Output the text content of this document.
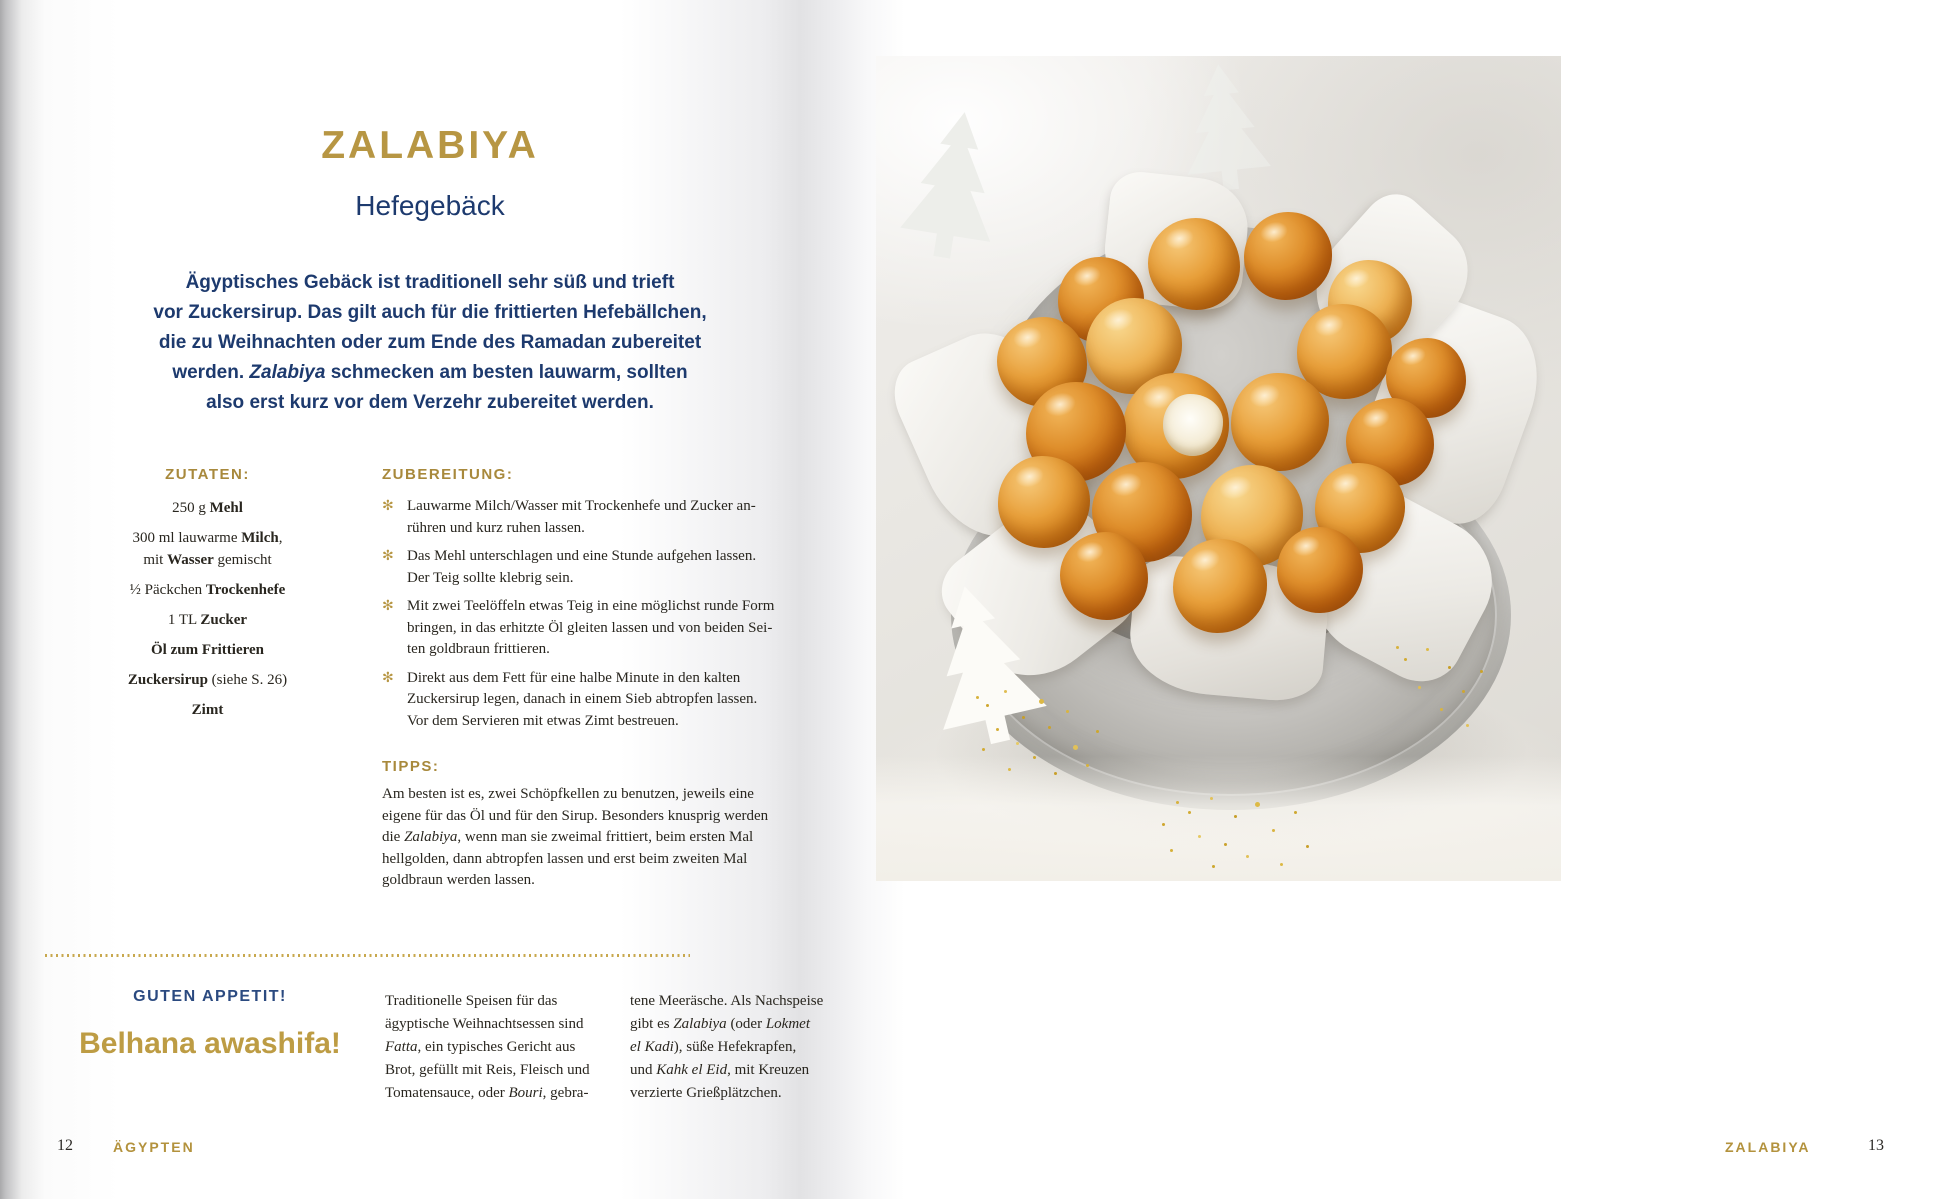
ZALABIYA
Hefegebäck
Ägyptisches Gebäck ist traditionell sehr süß und trieft
vor Zuckersirup. Das gilt auch für die frittierten Hefebällchen,
die zu Weihnachten oder zum Ende des Ramadan zubereitet
werden. Zalabiya schmecken am besten lauwarm, sollten
also erst kurz vor dem Verzehr zubereitet werden.
ZUTATEN:
250 g Mehl
300 ml lauwarme Milch,
mit Wasser gemischt
½ Päckchen Trockenhefe
1 TL Zucker
Öl zum Frittieren
Zuckersirup (siehe S. 26)
Zimt
ZUBEREITUNG:
✻ Lauwarme Milch/Wasser mit Trockenhefe und Zucker an-
rühren und kurz ruhen lassen.
✻ Das Mehl unterschlagen und eine Stunde aufgehen lassen.
Der Teig sollte klebrig sein.
✻ Mit zwei Teelöffeln etwas Teig in eine möglichst runde Form
bringen, in das erhitzte Öl gleiten lassen und von beiden Sei-
ten goldbraun frittieren.
✻ Direkt aus dem Fett für eine halbe Minute in den kalten
Zuckersirup legen, danach in einem Sieb abtropfen lassen.
Vor dem Servieren mit etwas Zimt bestreuen.
TIPPS:
Am besten ist es, zwei Schöpfkellen zu benutzen, jeweils eine
eigene für das Öl und für den Sirup. Besonders knusprig werden
die Zalabiya, wenn man sie zweimal frittiert, beim ersten Mal
hellgolden, dann abtropfen lassen und erst beim zweiten Mal
goldbraun werden lassen.
GUTEN APPETIT!
Belhana awashifa!
Traditionelle Speisen für das
ägyptische Weihnachtsessen sind
Fatta, ein typisches Gericht aus
Brot, gefüllt mit Reis, Fleisch und
Tomatensauce, oder Bouri, gebra-
tene Meeräsche. Als Nachspeise
gibt es Zalabiya (oder Lokmet
el Kadi), süße Hefekrapfen,
und Kahk el Eid, mit Kreuzen
verzierte Grießplätzchen.
12	ÄGYPTEN	ZALABIYA	13
